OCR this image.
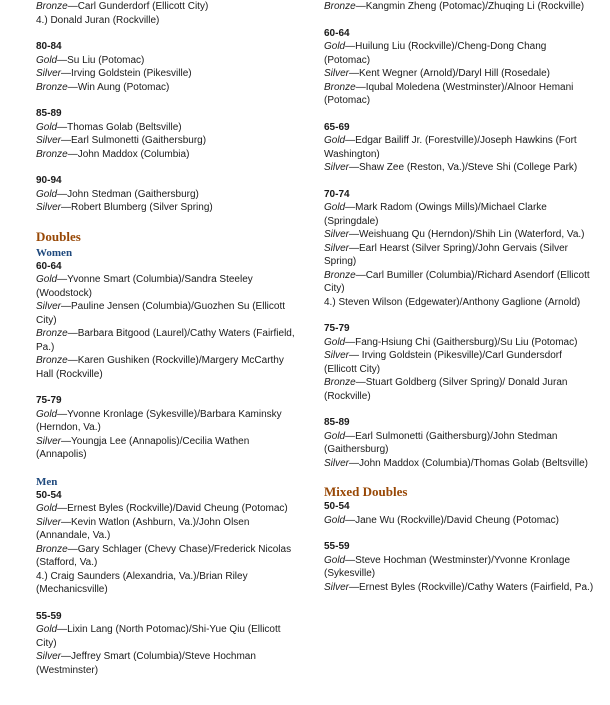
Bronze—Carl Gunderdorf (Ellicott City)
4.) Donald Juran (Rockville)
80-84
Gold—Su Liu (Potomac)
Silver—Irving Goldstein (Pikesville)
Bronze—Win Aung (Potomac)
85-89
Gold—Thomas Golab (Beltsville)
Silver—Earl Sulmonetti (Gaithersburg)
Bronze—John Maddox (Columbia)
90-94
Gold—John Stedman (Gaithersburg)
Silver—Robert Blumberg (Silver Spring)
Doubles
Women
60-64
Gold—Yvonne Smart (Columbia)/Sandra Steeley (Woodstock)
Silver—Pauline Jensen (Columbia)/Guozhen Su (Ellicott City)
Bronze—Barbara Bitgood (Laurel)/Cathy Waters (Fairfield, Pa.)
Bronze—Karen Gushiken (Rockville)/Margery McCarthy Hall (Rockville)
75-79
Gold—Yvonne Kronlage (Sykesville)/Barbara Kaminsky (Herndon, Va.)
Silver—Youngja Lee (Annapolis)/Cecilia Wathen (Annapolis)
Men
50-54
Gold—Ernest Byles (Rockville)/David Cheung (Potomac)
Silver—Kevin Watlon (Ashburn, Va.)/John Olsen (Annandale, Va.)
Bronze—Gary Schlager (Chevy Chase)/Frederick Nicolas (Stafford, Va.)
4.) Craig Saunders (Alexandria, Va.)/Brian Riley (Mechanicsville)
55-59
Gold—Lixin Lang (North Potomac)/Shi-Yue Qiu (Ellicott City)
Silver—Jeffrey Smart (Columbia)/Steve Hochman (Westminster)
Bronze—Kangmin Zheng (Potomac)/Zhuqing Li (Rockville)
60-64
Gold—Huilung Liu (Rockville)/Cheng-Dong Chang (Potomac)
Silver—Kent Wegner (Arnold)/Daryl Hill (Rosedale)
Bronze—Iqubal Moledena (Westminster)/Alnoor Hemani (Potomac)
65-69
Gold—Edgar Bailiff Jr. (Forestville)/Joseph Hawkins (Fort Washington)
Silver—Shaw Zee (Reston, Va.)/Steve Shi (College Park)
70-74
Gold—Mark Radom (Owings Mills)/Michael Clarke (Springdale)
Silver—Weishuang Qu (Herndon)/Shih Lin (Waterford, Va.)
Silver—Earl Hearst (Silver Spring)/John Gervais (Silver Spring)
Bronze—Carl Bumiller (Columbia)/Richard Asendorf (Ellicott City)
4.) Steven Wilson (Edgewater)/Anthony Gaglione (Arnold)
75-79
Gold—Fang-Hsiung Chi (Gaithersburg)/Su Liu (Potomac)
Silver— Irving Goldstein (Pikesville)/Carl Gundersdorf (Ellicott City)
Bronze—Stuart Goldberg (Silver Spring)/ Donald Juran (Rockville)
85-89
Gold—Earl Sulmonetti (Gaithersburg)/John Stedman (Gaithersburg)
Silver—John Maddox (Columbia)/Thomas Golab (Beltsville)
Mixed Doubles
50-54
Gold—Jane Wu (Rockville)/David Cheung (Potomac)
55-59
Gold—Steve Hochman (Westminster)/Yvonne Kronlage (Sykesville)
Silver—Ernest Byles (Rockville)/Cathy Waters (Fairfield, Pa.)
